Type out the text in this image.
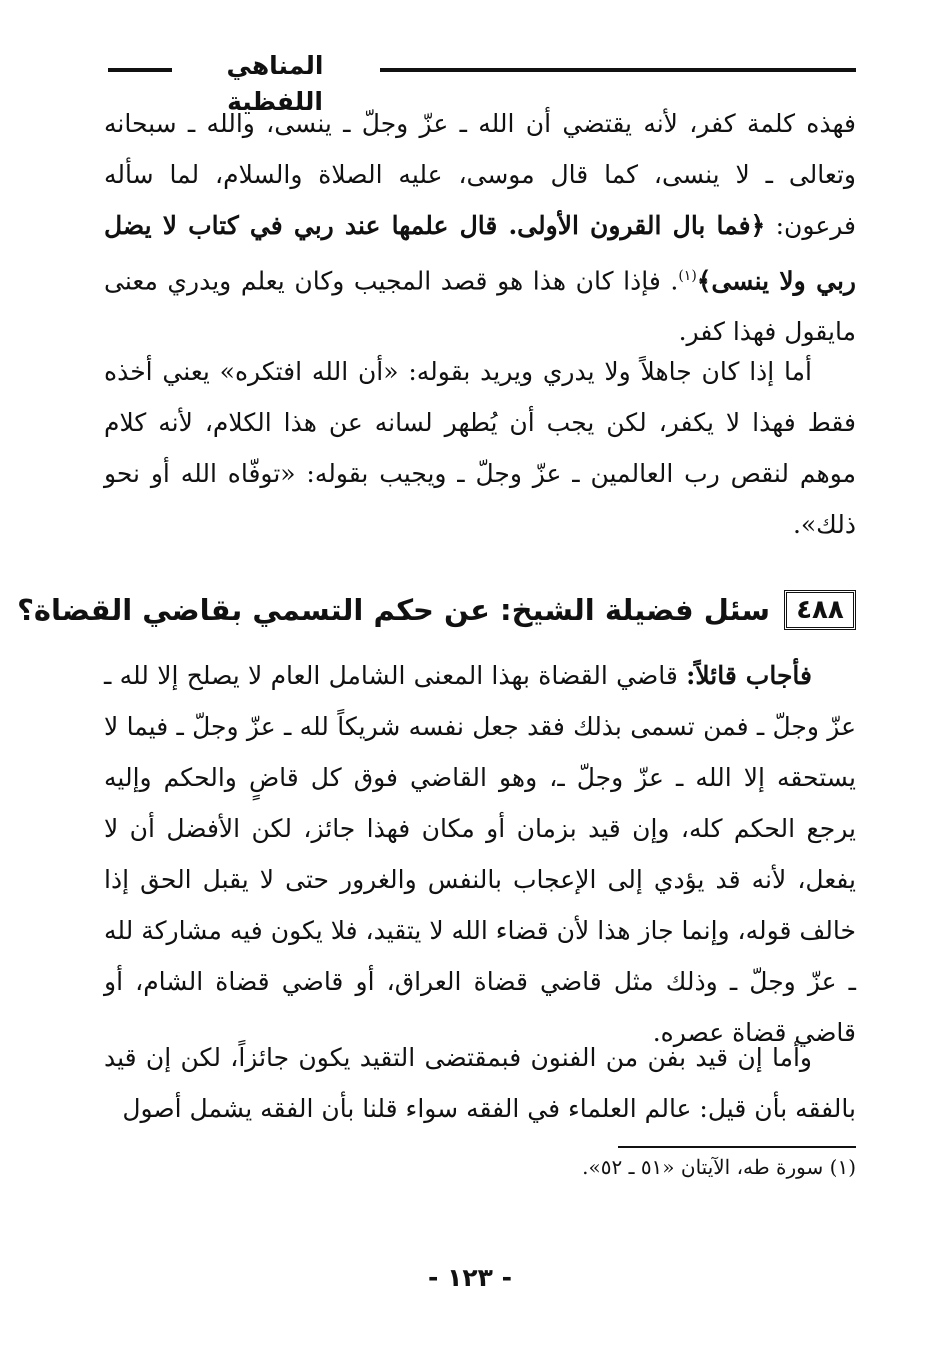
المناهي اللفظية

فهذه كلمة كفر، لأنه يقتضي أن الله ـ عزّ وجلّ ـ ينسى، والله ـ سبحانه وتعالى ـ لا ينسى، كما قال موسى، عليه الصلاة والسلام، لما سأله فرعون: ﴿فما بال القرون الأولى. قال علمها عند ربي في كتاب لا يضل ربي ولا ينسى﴾$^{(١)}$. فإذا كان هذا هو قصد المجيب وكان يعلم ويدري معنى مايقول فهذا كفر.

أما إذا كان جاهلاً ولا يدري ويريد بقوله: «أن الله افتكره» يعني أخذه فقط فهذا لا يكفر، لكن يجب أن يُطهر لسانه عن هذا الكلام، لأنه كلام موهم لنقص رب العالمين ـ عزّ وجلّ ـ ويجيب بقوله: «توفّاه الله أو نحو ذلك».

٤٨٨
سئل فضيلة الشيخ: عن حكم التسمي بقاضي القضاة؟

فأجاب قائلاً: قاضي القضاة بهذا المعنى الشامل العام لا يصلح إلا لله ـ عزّ وجلّ ـ فمن تسمى بذلك فقد جعل نفسه شريكاً لله ـ عزّ وجلّ ـ فيما لا يستحقه إلا الله ـ عزّ وجلّ ـ، وهو القاضي فوق كل قاضٍ والحكم وإليه يرجع الحكم كله، وإن قيد بزمان أو مكان فهذا جائز، لكن الأفضل أن لا يفعل، لأنه قد يؤدي إلى الإعجاب بالنفس والغرور حتى لا يقبل الحق إذا خالف قوله، وإنما جاز هذا لأن قضاء الله لا يتقيد، فلا يكون فيه مشاركة لله ـ عزّ وجلّ ـ وذلك مثل قاضي قضاة العراق، أو قاضي قضاة الشام، أو قاضي قضاة عصره.

وأما إن قيد بفن من الفنون فبمقتضى التقيد يكون جائزاً، لكن إن قيد بالفقه بأن قيل: عالم العلماء في الفقه سواء قلنا بأن الفقه يشمل أصول

(١) سورة طه، الآيتان «٥١ ـ ٥٢».
- ١٢٣ -
